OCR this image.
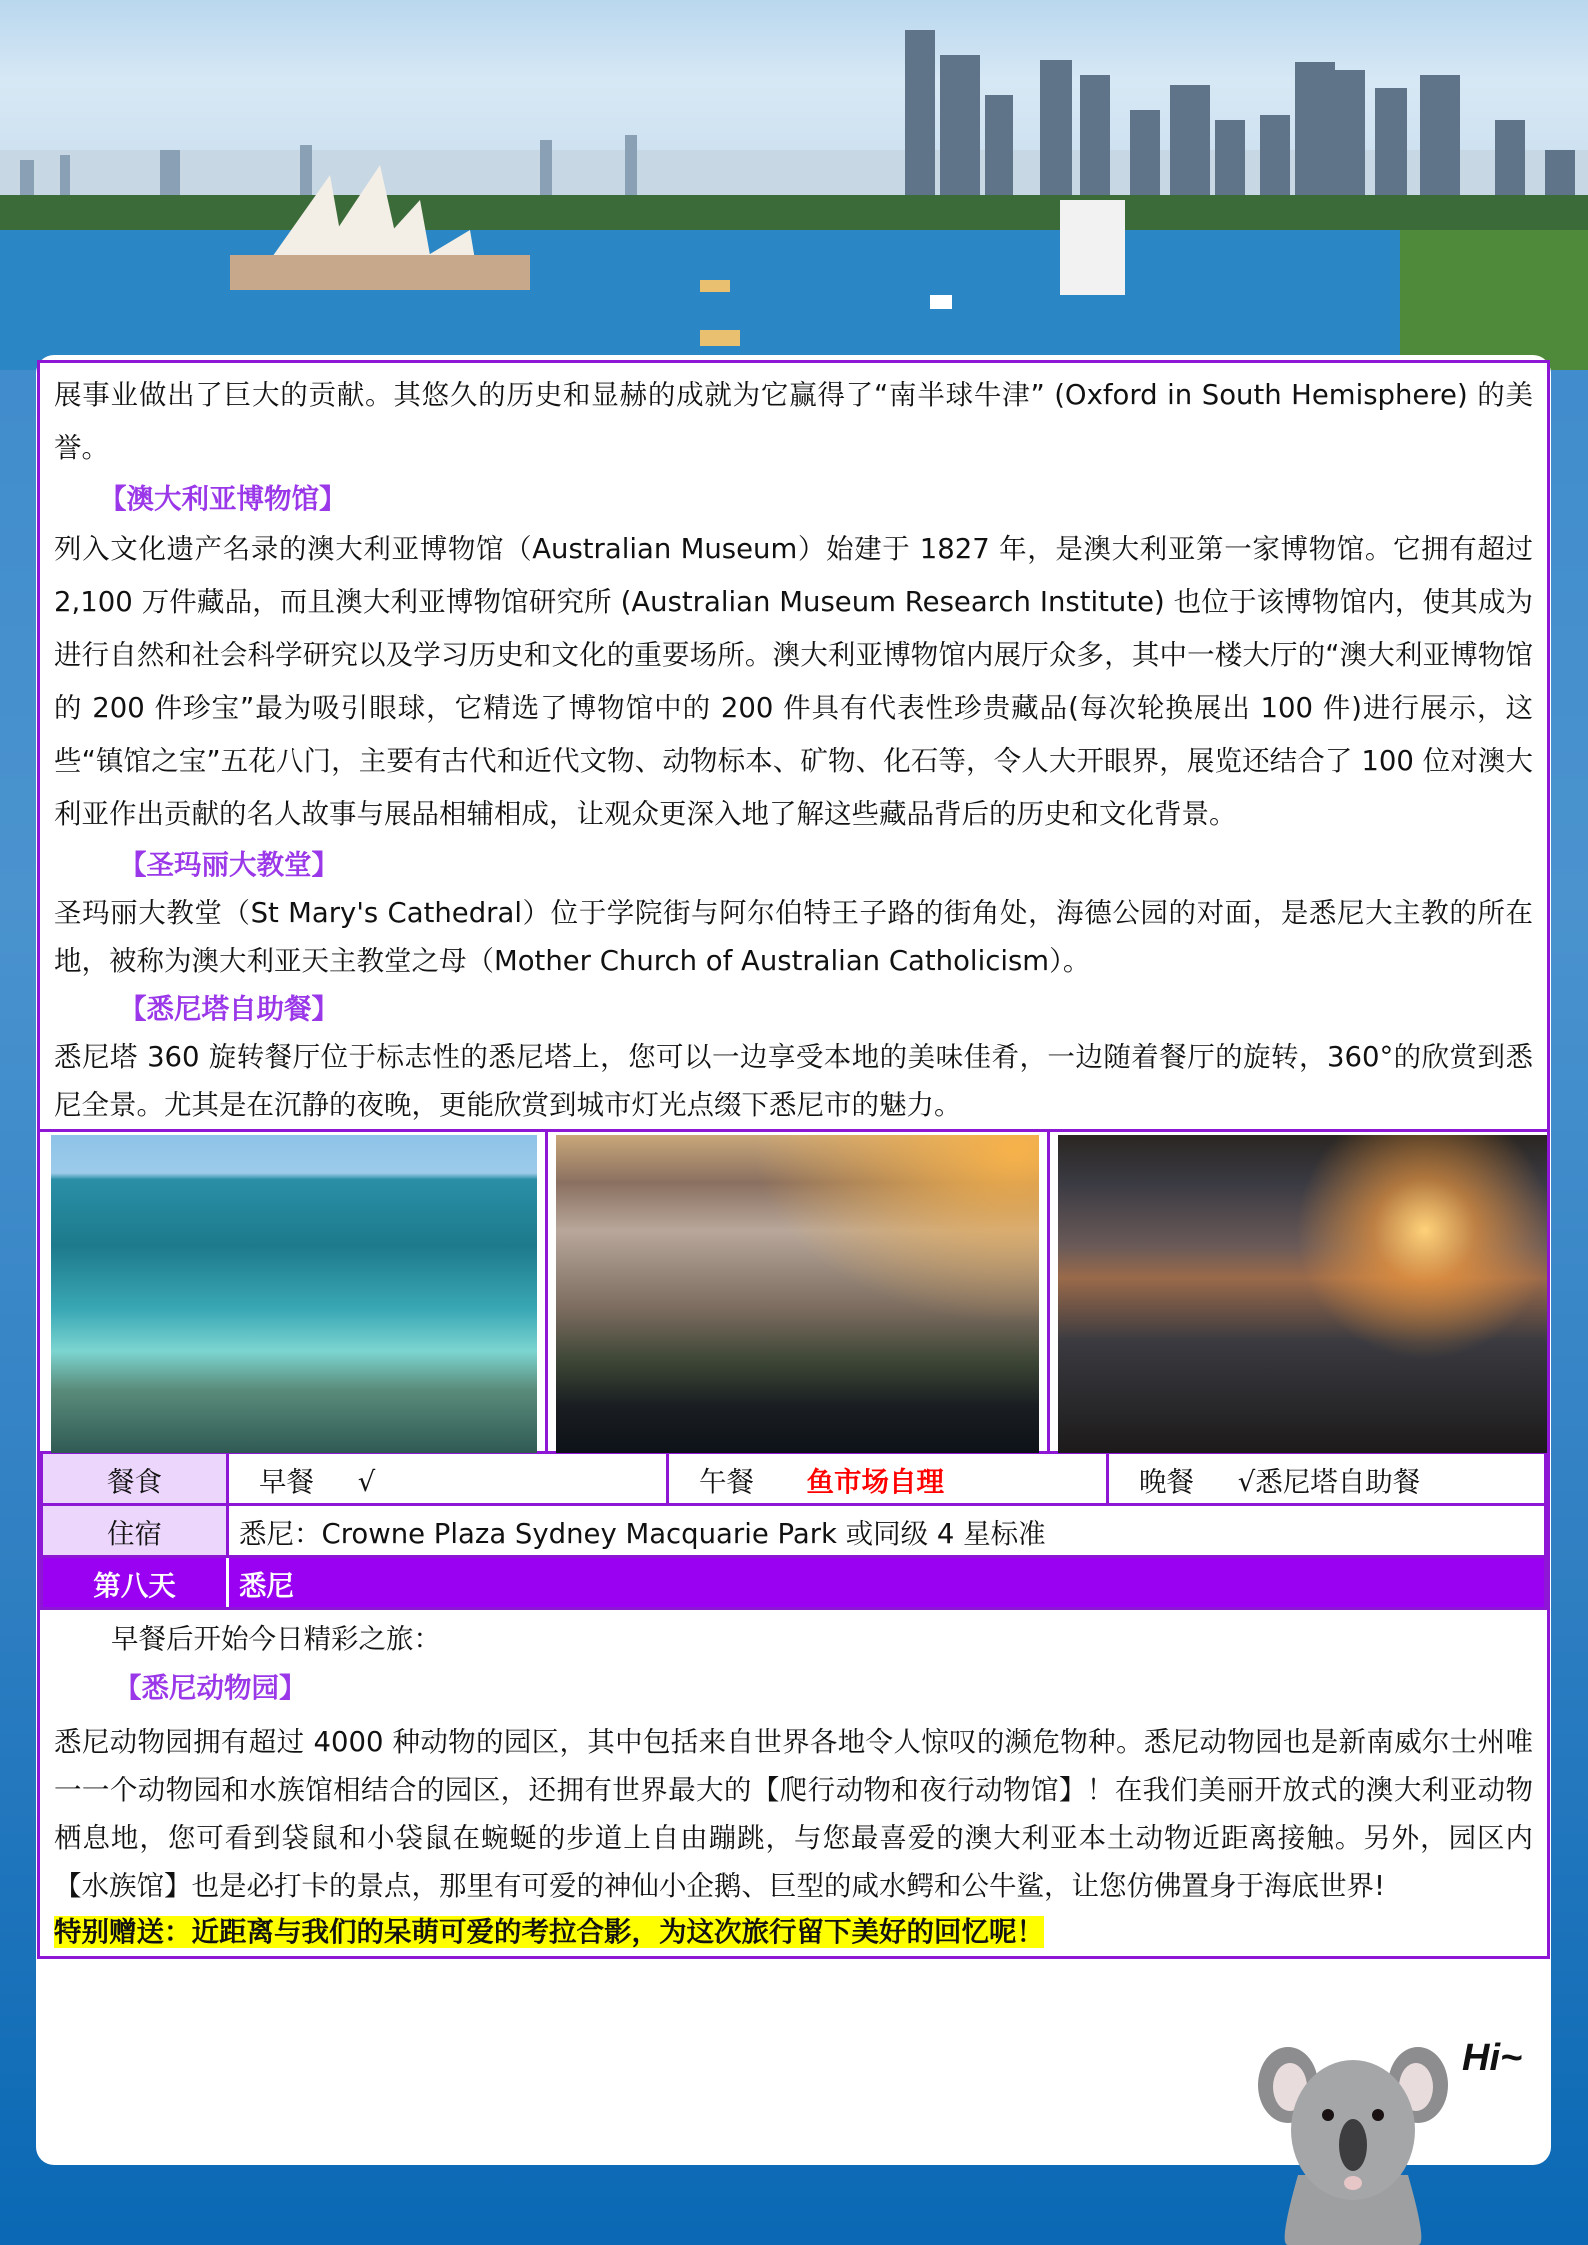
展事业做出了巨大的贡献。其悠久的历史和显赫的成就为它赢得了“南半球牛津” (Oxford in South Hemisphere) 的美誉。

【澳大利亚博物馆】

列入文化遗产名录的澳大利亚博物馆（Australian Museum）始建于 1827 年，是澳大利亚第一家博物馆。它拥有超过 2,100 万件藏品，而且澳大利亚博物馆研究所 (Australian Museum Research Institute) 也位于该博物馆内，使其成为进行自然和社会科学研究以及学习历史和文化的重要场所。澳大利亚博物馆内展厅众多，其中一楼大厅的“澳大利亚博物馆的 200 件珍宝”最为吸引眼球，它精选了博物馆中的 200 件具有代表性珍贵藏品(每次轮换展出 100 件)进行展示，这些“镇馆之宝”五花八门，主要有古代和近代文物、动物标本、矿物、化石等，令人大开眼界，展览还结合了 100 位对澳大利亚作出贡献的名人故事与展品相辅相成，让观众更深入地了解这些藏品背后的历史和文化背景。

【圣玛丽大教堂】

圣玛丽大教堂（St Mary's Cathedral）位于学院街与阿尔伯特王子路的街角处，海德公园的对面，是悉尼大主教的所在地，被称为澳大利亚天主教堂之母（Mother Church of Australian Catholicism）。

【悉尼塔自助餐】

悉尼塔 360 旋转餐厅位于标志性的悉尼塔上，您可以一边享受本地的美味佳肴，一边随着餐厅的旋转，360°的欣赏到悉尼全景。尤其是在沉静的夜晚，更能欣赏到城市灯光点缀下悉尼市的魅力。

餐食	早餐     √	午餐 鱼市场自理	晚餐     √悉尼塔自助餐
住宿	悉尼：Crowne Plaza Sydney Macquarie Park 或同级 4 星标准		
第八天	悉尼		

早餐后开始今日精彩之旅：

【悉尼动物园】

悉尼动物园拥有超过 4000 种动物的园区，其中包括来自世界各地令人惊叹的濒危物种。悉尼动物园也是新南威尔士州唯一一个动物园和水族馆相结合的园区，还拥有世界最大的【爬行动物和夜行动物馆】！在我们美丽开放式的澳大利亚动物栖息地，您可看到袋鼠和小袋鼠在蜿蜒的步道上自由蹦跳，与您最喜爱的澳大利亚本土动物近距离接触。另外，园区内【水族馆】也是必打卡的景点，那里有可爱的神仙小企鹅、巨型的咸水鳄和公牛鲨，让您仿佛置身于海底世界!

特别赠送：近距离与我们的呆萌可爱的考拉合影，为这次旅行留下美好的回忆呢！

Hi~
